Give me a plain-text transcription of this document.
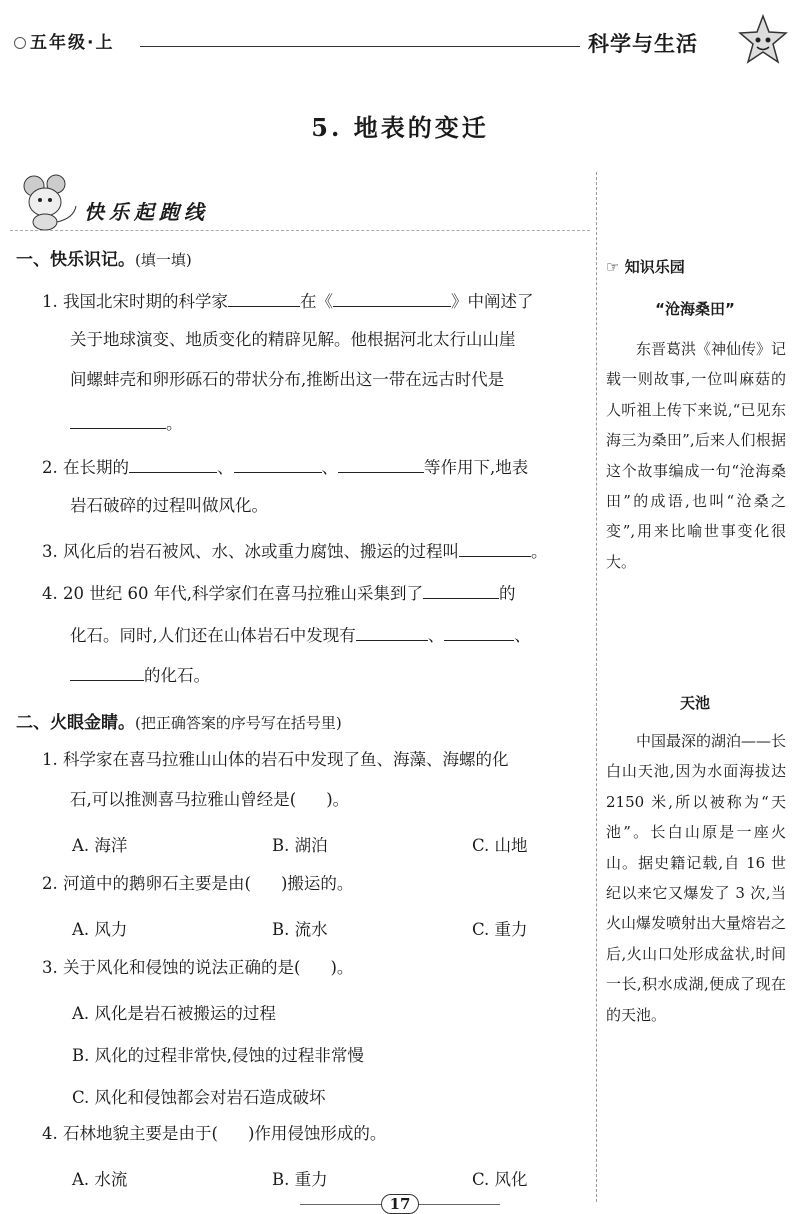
五年级·上	科学与生活
5. 地表的变迁
快乐起跑线
一、快乐识记。(填一填)
1. 我国北宋时期的科学家	在《	》中阐述了
关于地球演变、地质变化的精辟见解。他根据河北太行山山崖
间螺蚌壳和卵形砾石的带状分布,推断出这一带在远古时代是
。
2. 在长期的	、	、	等作用下,地表
岩石破碎的过程叫做风化。
3. 风化后的岩石被风、水、冰或重力腐蚀、搬运的过程叫	。
4. 20 世纪 60 年代,科学家们在喜马拉雅山采集到了	的
化石。同时,人们还在山体岩石中发现有	、	、
的化石。
二、火眼金睛。(把正确答案的序号写在括号里)
1. 科学家在喜马拉雅山山体的岩石中发现了鱼、海藻、海螺的化
石,可以推测喜马拉雅山曾经是( )。
A. 海洋	B. 湖泊	C. 山地
2. 河道中的鹅卵石主要是由( )搬运的。
A. 风力	B. 流水	C. 重力
3. 关于风化和侵蚀的说法正确的是( )。
A. 风化是岩石被搬运的过程
B. 风化的过程非常快,侵蚀的过程非常慢
C. 风化和侵蚀都会对岩石造成破坏
4. 石林地貌主要是由于( )作用侵蚀形成的。
A. 水流	B. 重力	C. 风化
☞ 知识乐园
“沧海桑田”

东晋葛洪《神仙传》记载一则故事,一位叫麻菇的人听祖上传下来说,“已见东海三为桑田”,后来人们根据这个故事编成一句“沧海桑田”的成语,也叫“沧桑之变”,用来比喻世事变化很大。

天池

中国最深的湖泊——长白山天池,因为水面海拔达 2150 米,所以被称为“天池”。长白山原是一座火山。据史籍记载,自 16 世纪以来它又爆发了 3 次,当火山爆发喷射出大量熔岩之后,火山口处形成盆状,时间一长,积水成湖,便成了现在的天池。

17
